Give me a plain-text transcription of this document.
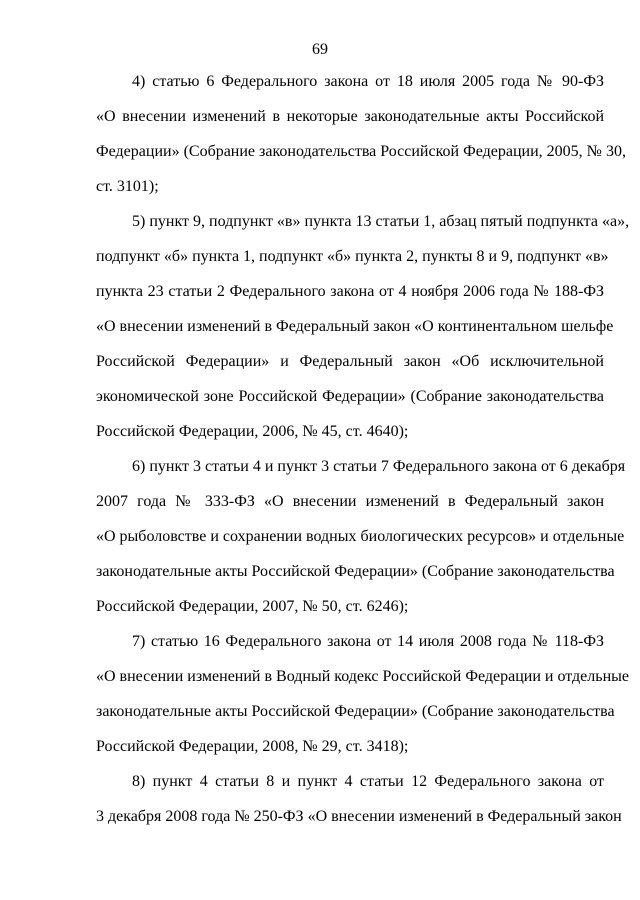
69
4) статью 6 Федерального закона от 18 июля 2005 года № 90-ФЗ
«О внесении изменений в некоторые законодательные акты Российской
Федерации» (Собрание законодательства Российской Федерации, 2005, № 30,
ст. 3101);
5) пункт 9, подпункт «в» пункта 13 статьи 1, абзац пятый подпункта «а»,
подпункт «б» пункта 1, подпункт «б» пункта 2, пункты 8 и 9, подпункт «в»
пункта 23 статьи 2 Федерального закона от 4 ноября 2006 года № 188-ФЗ
«О внесении изменений в Федеральный закон «О континентальном шельфе
Российской Федерации» и Федеральный закон «Об исключительной
экономической зоне Российской Федерации» (Собрание законодательства
Российской Федерации, 2006, № 45, ст. 4640);
6) пункт 3 статьи 4 и пункт 3 статьи 7 Федерального закона от 6 декабря
2007 года № 333-ФЗ «О внесении изменений в Федеральный закон
«О рыболовстве и сохранении водных биологических ресурсов» и отдельные
законодательные акты Российской Федерации» (Собрание законодательства
Российской Федерации, 2007, № 50, ст. 6246);
7) статью 16 Федерального закона от 14 июля 2008 года № 118-ФЗ
«О внесении изменений в Водный кодекс Российской Федерации и отдельные
законодательные акты Российской Федерации» (Собрание законодательства
Российской Федерации, 2008, № 29, ст. 3418);
8) пункт 4 статьи 8 и пункт 4 статьи 12 Федерального закона от
3 декабря 2008 года № 250-ФЗ «О внесении изменений в Федеральный закон
